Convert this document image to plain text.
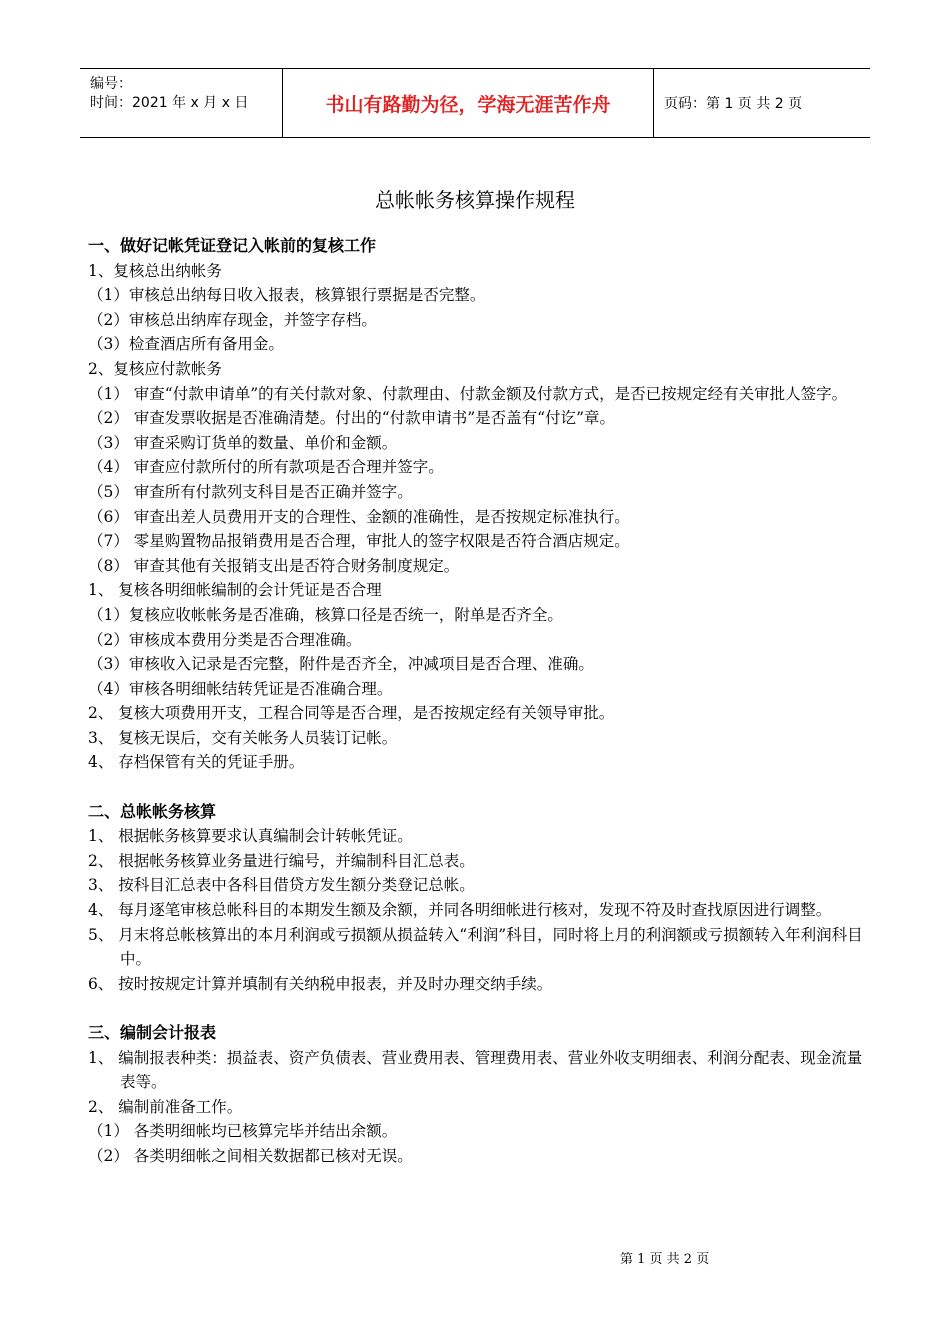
编号：
时间：2021 年 x 月 x 日	书山有路勤为径，学海无涯苦作舟	页码：第 1 页 共 2 页
总帐帐务核算操作规程
一、做好记帐凭证登记入帐前的复核工作
1、复核总出纳帐务
（1）审核总出纳每日收入报表，核算银行票据是否完整。
（2）审核总出纳库存现金，并签字存档。
（3）检查酒店所有备用金。
2、复核应付款帐务
（1） 审查“付款申请单”的有关付款对象、付款理由、付款金额及付款方式，是否已按规定经有关审批人签字。
（2） 审查发票收据是否准确清楚。付出的“付款申请书”是否盖有“付讫”章。
（3） 审查采购订货单的数量、单价和金额。
（4） 审查应付款所付的所有款项是否合理并签字。
（5） 审查所有付款列支科目是否正确并签字。
（6） 审查出差人员费用开支的合理性、金额的准确性，是否按规定标准执行。
（7） 零星购置物品报销费用是否合理，审批人的签字权限是否符合酒店规定。
（8） 审查其他有关报销支出是否符合财务制度规定。
1、 复核各明细帐编制的会计凭证是否合理
（1）复核应收帐帐务是否准确，核算口径是否统一，附单是否齐全。
（2）审核成本费用分类是否合理准确。
（3）审核收入记录是否完整，附件是否齐全，冲减项目是否合理、准确。
（4）审核各明细帐结转凭证是否准确合理。
2、 复核大项费用开支，工程合同等是否合理，是否按规定经有关领导审批。
3、 复核无误后，交有关帐务人员装订记帐。
4、 存档保管有关的凭证手册。
二、总帐帐务核算
1、 根据帐务核算要求认真编制会计转帐凭证。
2、 根据帐务核算业务量进行编号，并编制科目汇总表。
3、 按科目汇总表中各科目借贷方发生额分类登记总帐。
4、 每月逐笔审核总帐科目的本期发生额及余额，并同各明细帐进行核对，发现不符及时查找原因进行调整。
5、 月末将总帐核算出的本月利润或亏损额从损益转入“利润”科目，同时将上月的利润额或亏损额转入年利润科目中。
6、 按时按规定计算并填制有关纳税申报表，并及时办理交纳手续。
三、编制会计报表
1、 编制报表种类：损益表、资产负债表、营业费用表、管理费用表、营业外收支明细表、利润分配表、现金流量表等。
2、 编制前准备工作。
（1） 各类明细帐均已核算完毕并结出余额。
（2） 各类明细帐之间相关数据都已核对无误。
第 1 页 共 2 页
